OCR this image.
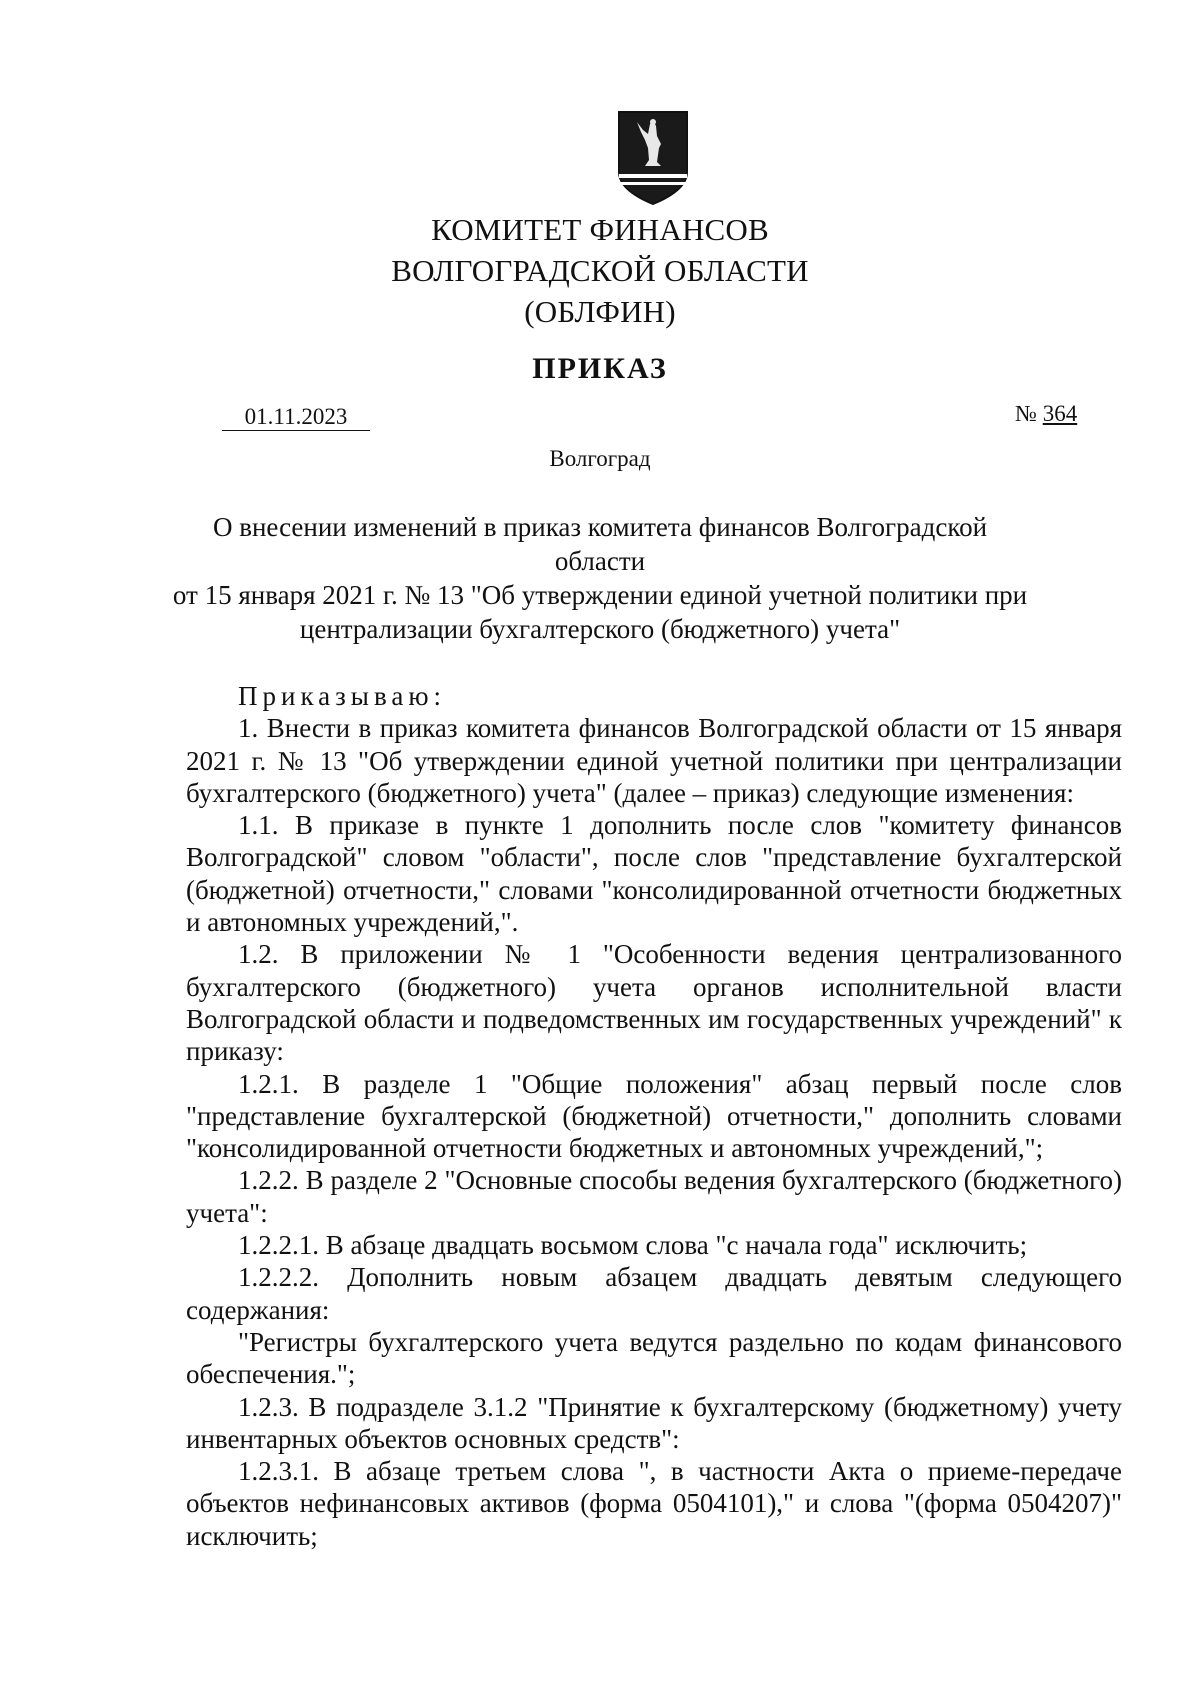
КОМИТЕТ ФИНАНСОВ
ВОЛГОГРАДСКОЙ ОБЛАСТИ
(ОБЛФИН)
ПРИКАЗ
01.11.2023	№ 364
Волгоград
О внесении изменений в приказ комитета финансов Волгоградской области
от 15 января 2021 г. № 13 "Об утверждении единой учетной политики при
централизации бухгалтерского (бюджетного) учета"

Приказываю:

1. Внести в приказ комитета финансов Волгоградской области от 15 января 2021 г. № 13 "Об утверждении единой учетной политики при централизации бухгалтерского (бюджетного) учета" (далее – приказ) следующие изменения:

1.1. В приказе в пункте 1 дополнить после слов "комитету финансов Волгоградской" словом "области", после слов "представление бухгалтерской (бюджетной) отчетности," словами "консолидированной отчетности бюджетных и автономных учреждений,".

1.2. В приложении № 1 "Особенности ведения централизованного бухгалтерского (бюджетного) учета органов исполнительной власти Волгоградской области и подведомственных им государственных учреждений" к приказу:

1.2.1. В разделе 1 "Общие положения" абзац первый после слов "представление бухгалтерской (бюджетной) отчетности," дополнить словами "консолидированной отчетности бюджетных и автономных учреждений,";

1.2.2. В разделе 2 "Основные способы ведения бухгалтерского (бюджетного) учета":

1.2.2.1. В абзаце двадцать восьмом слова "с начала года" исключить;

1.2.2.2. Дополнить новым абзацем двадцать девятым следующего содержания:

"Регистры бухгалтерского учета ведутся раздельно по кодам финансового обеспечения.";

1.2.3. В подразделе 3.1.2 "Принятие к бухгалтерскому (бюджетному) учету инвентарных объектов основных средств":

1.2.3.1. В абзаце третьем слова ", в частности Акта о приеме-передаче объектов нефинансовых активов (форма 0504101)," и слова "(форма 0504207)" исключить;
